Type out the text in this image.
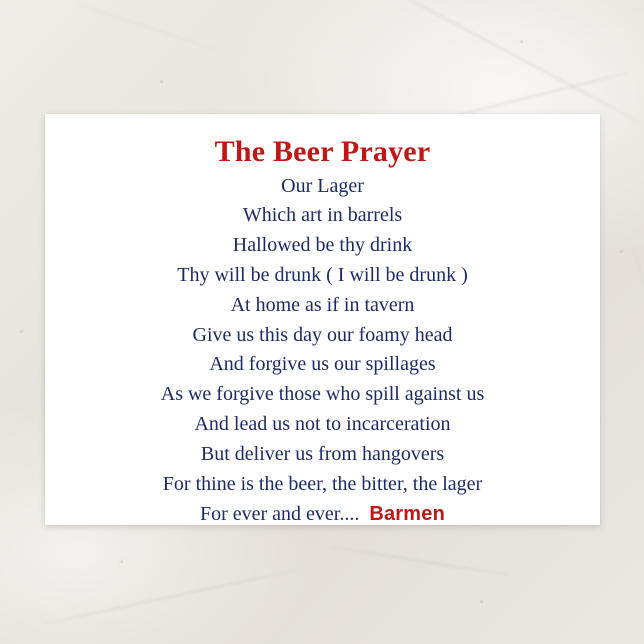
The Beer Prayer
Our Lager
Which art in barrels
Hallowed be thy drink
Thy will be drunk ( I will be drunk )
At home as if in tavern
Give us this day our foamy head
And forgive us our spillages
As we forgive those who spill against us
And lead us not to incarceration
But deliver us from hangovers
For thine is the beer, the bitter, the lager
For ever and ever.... Barmen
